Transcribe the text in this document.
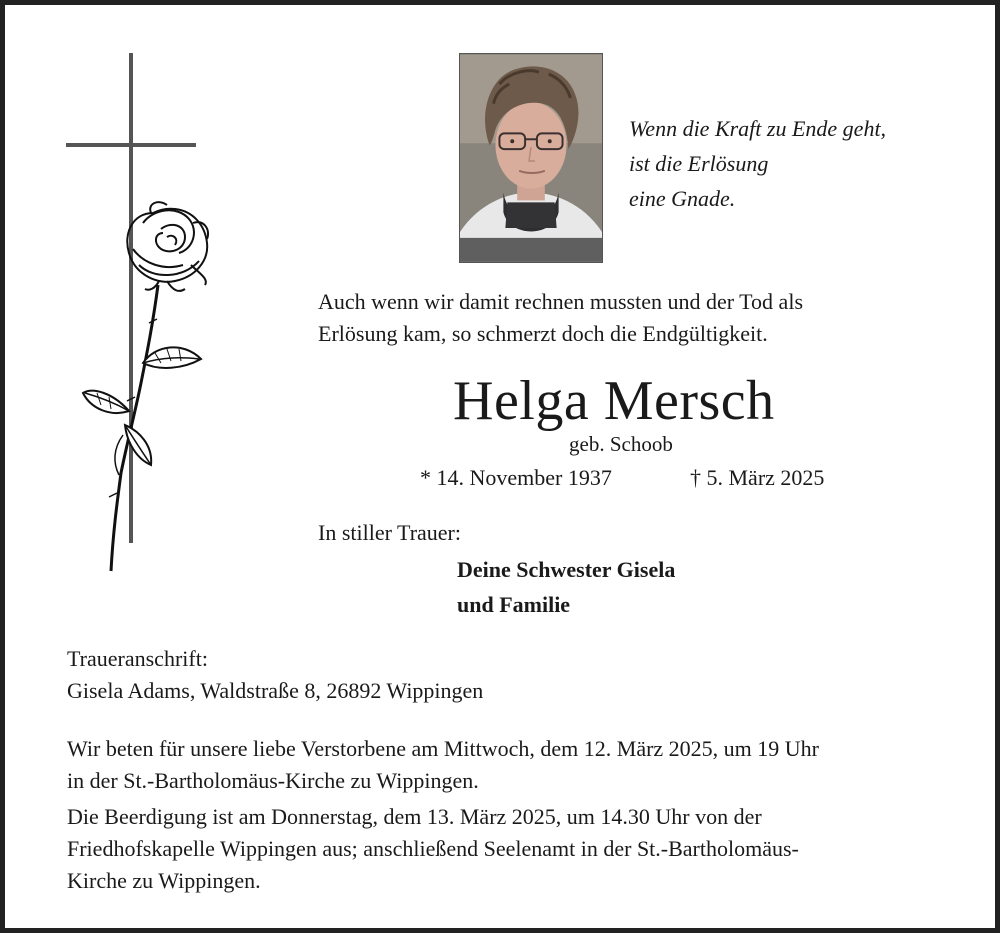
Wenn die Kraft zu Ende geht,
ist die Erlösung
eine Gnade.
Auch wenn wir damit rechnen mussten und der Tod als
Erlösung kam, so schmerzt doch die Endgültigkeit.
Helga Mersch
geb. Schoob
* 14. November 1937	† 5. März 2025
In stiller Trauer:
Deine Schwester Gisela
und Familie
Traueranschrift:
Gisela Adams, Waldstraße 8, 26892 Wippingen
Wir beten für unsere liebe Verstorbene am Mittwoch, dem 12. März 2025, um 19 Uhr
in der St.-Bartholomäus-Kirche zu Wippingen.
Die Beerdigung ist am Donnerstag, dem 13. März 2025, um 14.30 Uhr von der
Friedhofskapelle Wippingen aus; anschließend Seelenamt in der St.-Bartholomäus-
Kirche zu Wippingen.
